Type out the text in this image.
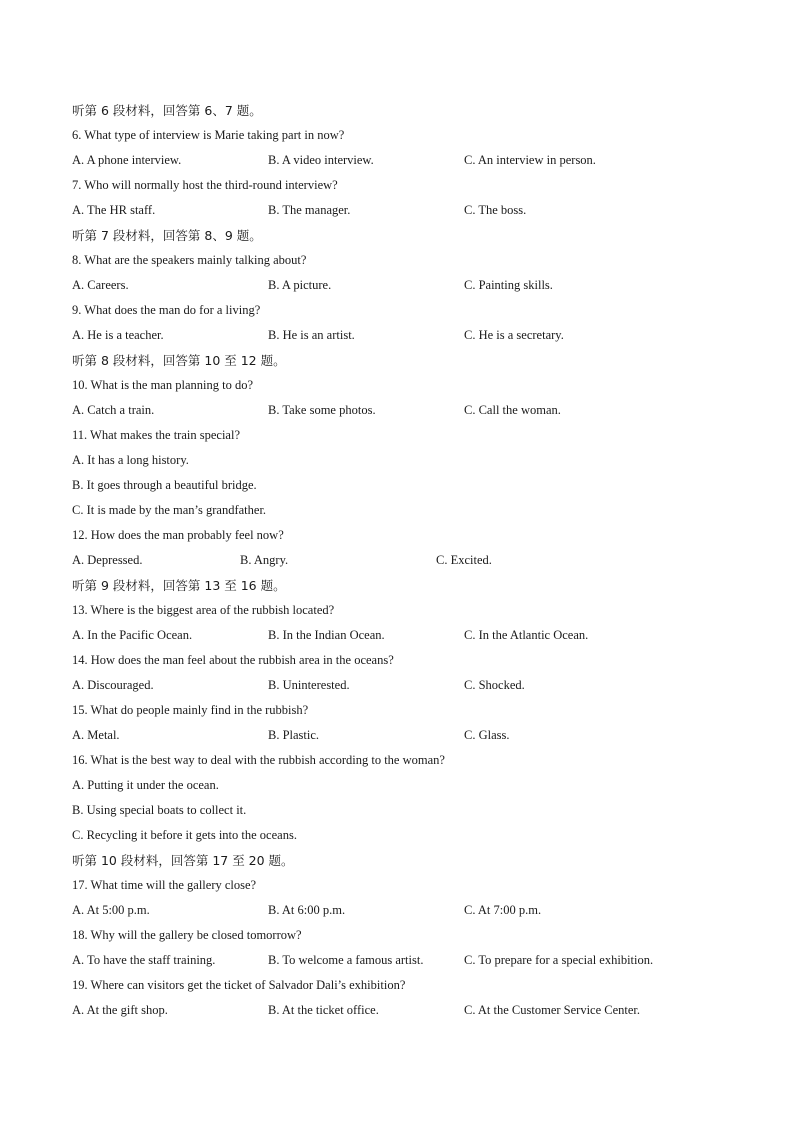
听第 6 段材料，回答第 6、7 题。
6. What type of interview is Marie taking part in now?
A. A phone interview.	B. A video interview.	C. An interview in person.
7. Who will normally host the third-round interview?
A. The HR staff.	B. The manager.	C. The boss.
听第 7 段材料，回答第 8、9 题。
8. What are the speakers mainly talking about?
A. Careers.	B. A picture.	C. Painting skills.
9. What does the man do for a living?
A. He is a teacher.	B. He is an artist.	C. He is a secretary.
听第 8 段材料，回答第 10 至 12 题。
10. What is the man planning to do?
A. Catch a train.	B. Take some photos.	C. Call the woman.
11. What makes the train special?
A. It has a long history.
B. It goes through a beautiful bridge.
C. It is made by the man’s grandfather.
12. How does the man probably feel now?
A. Depressed.	B. Angry.	C. Excited.
听第 9 段材料，回答第 13 至 16 题。
13. Where is the biggest area of the rubbish located?
A. In the Pacific Ocean.	B. In the Indian Ocean.	C. In the Atlantic Ocean.
14. How does the man feel about the rubbish area in the oceans?
A. Discouraged.	B. Uninterested.	C. Shocked.
15. What do people mainly find in the rubbish?
A. Metal.	B. Plastic.	C. Glass.
16. What is the best way to deal with the rubbish according to the woman?
A. Putting it under the ocean.
B. Using special boats to collect it.
C. Recycling it before it gets into the oceans.
听第 10 段材料，回答第 17 至 20 题。
17. What time will the gallery close?
A. At 5:00 p.m.	B. At 6:00 p.m.	C. At 7:00 p.m.
18. Why will the gallery be closed tomorrow?
A. To have the staff training.	B. To welcome a famous artist.	C. To prepare for a special exhibition.
19. Where can visitors get the ticket of Salvador Dali’s exhibition?
A. At the gift shop.	B. At the ticket office.	C. At the Customer Service Center.
